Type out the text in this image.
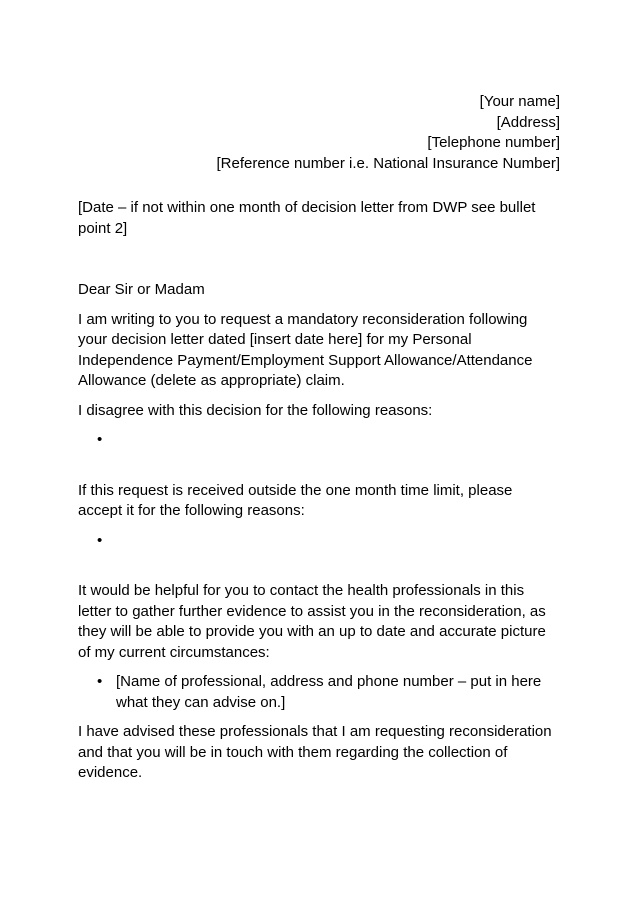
[Your name]
[Address]
[Telephone number]
[Reference number i.e. National Insurance Number]

[Date – if not within one month of decision letter from DWP see bullet point 2]

Dear Sir or Madam

I am writing to you to request a mandatory reconsideration following your decision letter dated [insert date here] for my Personal Independence Payment/Employment Support Allowance/Attendance Allowance (delete as appropriate) claim.

I disagree with this decision for the following reasons:

•

If this request is received outside the one month time limit, please accept it for the following reasons:

•

It would be helpful for you to contact the health professionals in this letter to gather further evidence to assist you in the reconsideration, as they will be able to provide you with an up to date and accurate picture of my current circumstances:

• [Name of professional, address and phone number – put in here what they can advise on.]

I have advised these professionals that I am requesting reconsideration and that you will be in touch with them regarding the collection of evidence.
